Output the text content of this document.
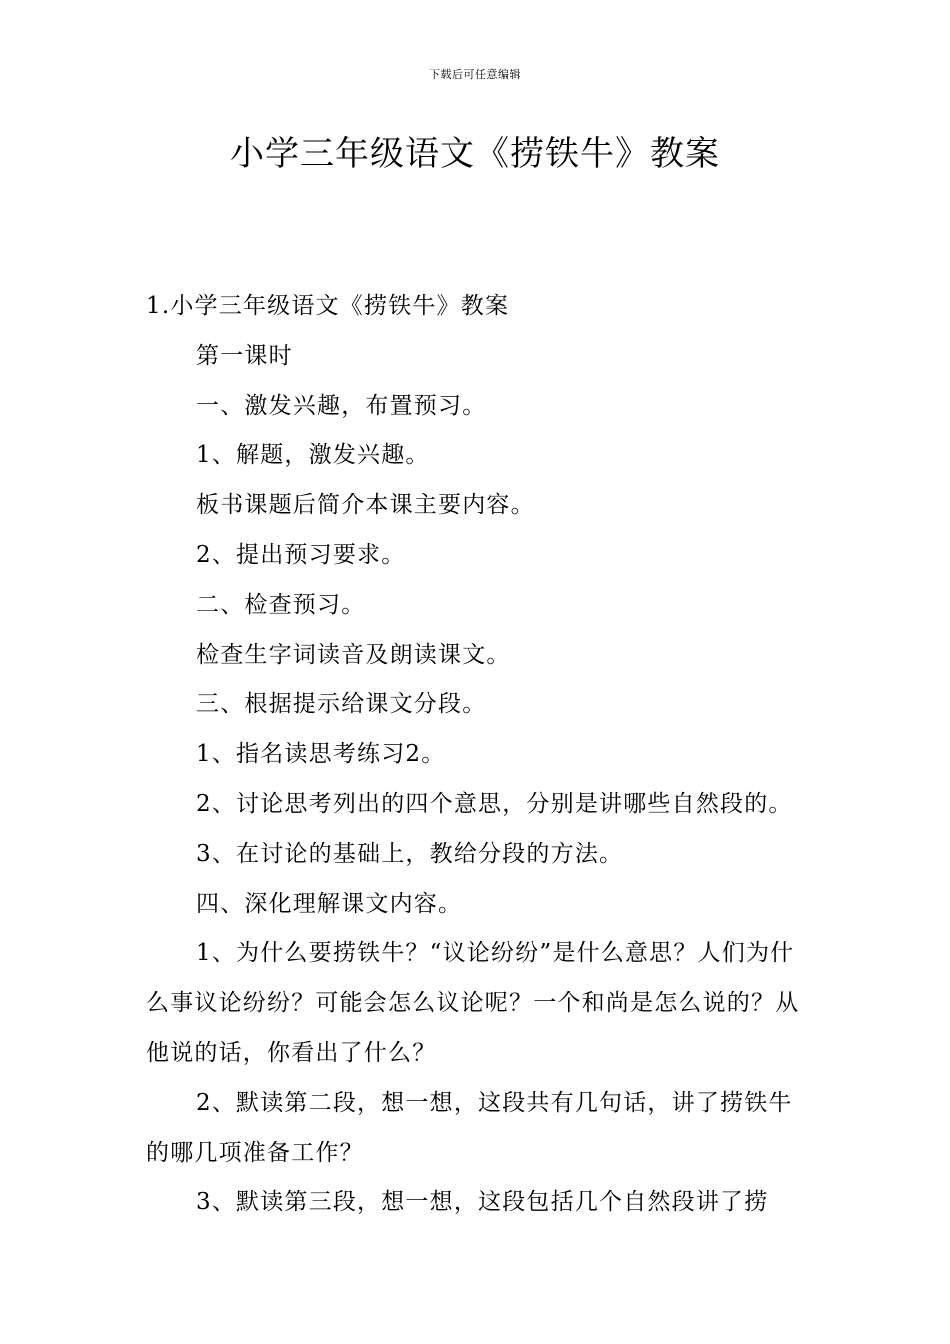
下载后可任意编辑
小学三年级语文《捞铁牛》教案

1.小学三年级语文《捞铁牛》教案

第一课时

一、激发兴趣，布置预习。

1、解题，激发兴趣。

板书课题后简介本课主要内容。

2、提出预习要求。

二、检查预习。

检查生字词读音及朗读课文。

三、根据提示给课文分段。

1、指名读思考练习2。

2、讨论思考列出的四个意思，分别是讲哪些自然段的。

3、在讨论的基础上，教给分段的方法。

四、深化理解课文内容。

1、为什么要捞铁牛？“议论纷纷”是什么意思？人们为什么事议论纷纷？可能会怎么议论呢？一个和尚是怎么说的？从他说的话，你看出了什么？

2、默读第二段，想一想，这段共有几句话，讲了捞铁牛的哪几项准备工作？

3、默读第三段，想一想，这段包括几个自然段讲了捞
